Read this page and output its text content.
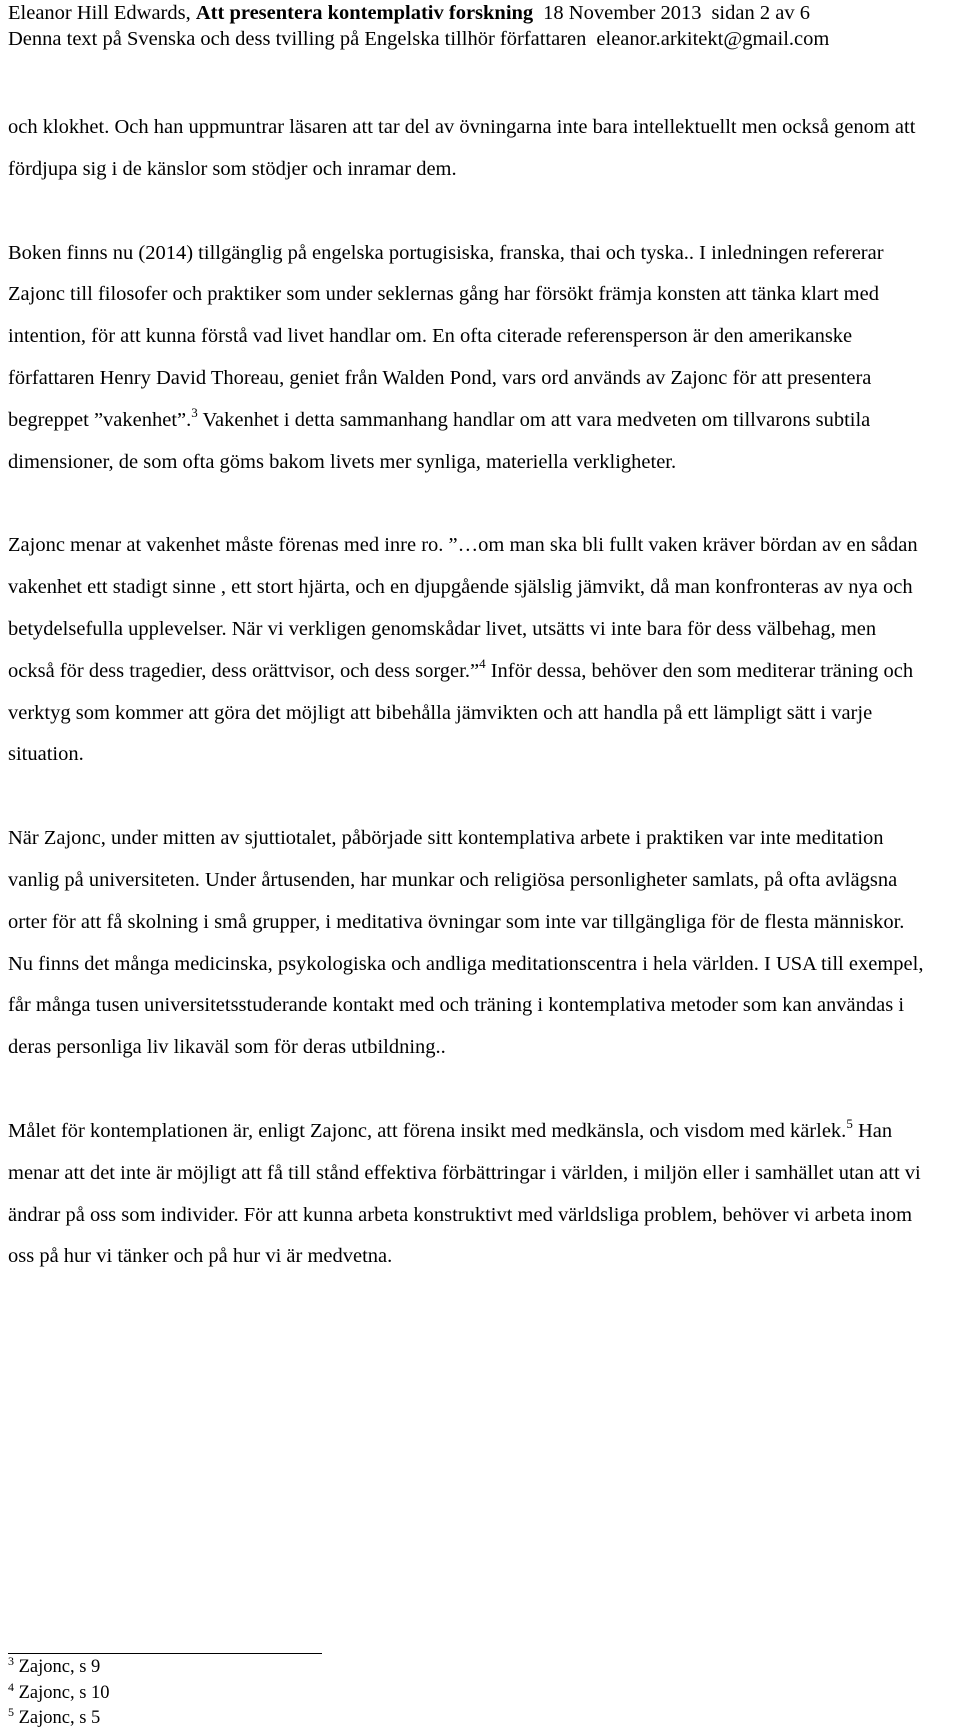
Eleanor Hill Edwards, Att presentera kontemplativ forskning 18 November 2013 sidan 2 av 6
Denna text på Svenska och dess tvilling på Engelska tillhör författaren eleanor.arkitekt@gmail.com

och klokhet. Och han uppmuntrar läsaren att tar del av övningarna inte bara intellektuellt men också genom att fördjupa sig i de känslor som stödjer och inramar dem.

Boken finns nu (2014) tillgänglig på engelska portugisiska, franska, thai och tyska.. I inledningen refererar Zajonc till filosofer och praktiker som under seklernas gång har försökt främja konsten att tänka klart med intention, för att kunna förstå vad livet handlar om. En ofta citerade referensperson är den amerikanske författaren Henry David Thoreau, geniet från Walden Pond, vars ord används av Zajonc för att presentera begreppet ”vakenhet”.$^3$ Vakenhet i detta sammanhang handlar om att vara medveten om tillvarons subtila dimensioner, de som ofta göms bakom livets mer synliga, materiella verkligheter.

Zajonc menar at vakenhet måste förenas med inre ro. ”…om man ska bli fullt vaken kräver bördan av en sådan vakenhet ett stadigt sinne , ett stort hjärta, och en djupgående själslig jämvikt, då man konfronteras av nya och betydelsefulla upplevelser. När vi verkligen genomskådar livet, utsätts vi inte bara för dess välbehag, men också för dess tragedier, dess orättvisor, och dess sorger.”$^4$ Inför dessa, behöver den som mediterar träning och verktyg som kommer att göra det möjligt att bibehålla jämvikten och att handla på ett lämpligt sätt i varje situation.

När Zajonc, under mitten av sjuttiotalet, påbörjade sitt kontemplativa arbete i praktiken var inte meditation vanlig på universiteten. Under årtusenden, har munkar och religiösa personligheter samlats, på ofta avlägsna orter för att få skolning i små grupper, i meditativa övningar som inte var tillgängliga för de flesta människor. Nu finns det många medicinska, psykologiska och andliga meditationscentra i hela världen. I USA till exempel, får många tusen universitetsstuderande kontakt med och träning i kontemplativa metoder som kan användas i deras personliga liv likaväl som för deras utbildning..

Målet för kontemplationen är, enligt Zajonc, att förena insikt med medkänsla, och visdom med kärlek.$^5$ Han menar att det inte är möjligt att få till stånd effektiva förbättringar i världen, i miljön eller i samhället utan att vi ändrar på oss som individer. För att kunna arbeta konstruktivt med världsliga problem, behöver vi arbeta inom oss på hur vi tänker och på hur vi är medvetna.

$^3$ Zajonc, s 9
$^4$ Zajonc, s 10
$^5$ Zajonc, s 5
